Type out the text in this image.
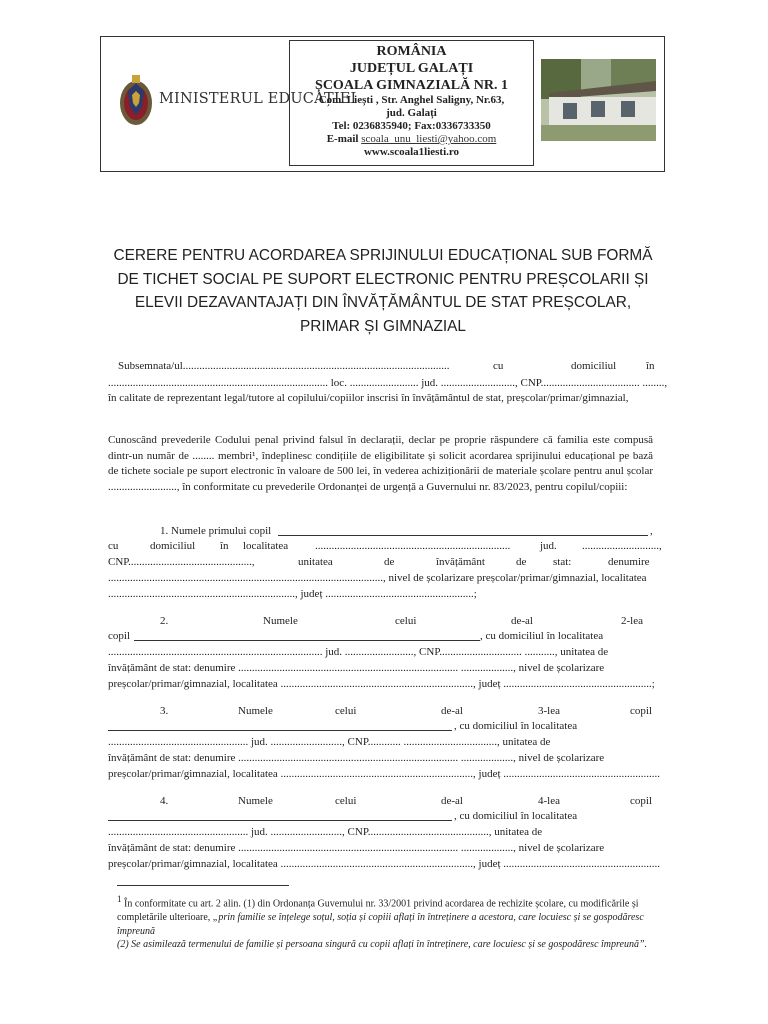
MINISTERUL EDUCAȚIEI
ROMÂNIA
JUDEȚUL GALAȚI
ȘCOALA GIMNAZIALĂ NR. 1
Com. Liești , Str. Anghel Saligny, Nr.63,
jud. Galați
Tel: 0236835940; Fax:0336733350
E-mail scoala_unu_liesti@yahoo.com
www.scoala1liesti.ro
CERERE PENTRU ACORDAREA SPRIJINULUI EDUCAȚIONAL SUB FORMĂ DE TICHET SOCIAL PE SUPORT ELECTRONIC PENTRU PREȘCOLARII ȘI ELEVII DEZAVANTAJAȚI DIN ÎNVĂȚĂMÂNTUL DE STAT PREȘCOLAR, PRIMAR ȘI GIMNAZIAL
Subsemnata/ul.................................................................................................	cu	domiciliul	în
................................................................................ loc. ......................... jud. ..........................., CNP.................................... ........,
în calitate de reprezentant legal/tutore al copilului/copiilor inscrisi în învățământul de stat, preșcolar/primar/gimnazial,
Cunoscând prevederile Codului penal privind falsul în declarații, declar pe proprie răspundere că familia este compusă dintr-un număr de ........ membri¹, îndeplinesc condițiile de eligibilitate și solicit acordarea sprijinului educațional pe bază de tichete sociale pe suport electronic în valoare de 500 lei, în vederea achiziționării de materiale școlare pentru anul școlar ........................., în conformitate cu prevederile Ordonanței de urgență a Guvernului nr. 83/2023, pentru copilul/copiii:
1. Numele primului copil	,
cu	domiciliul în localitatea .......................................................................	jud. ............................,
CNP.............................................,	unitatea	de	învățământ	de stat:	denumire
...................................................................................................., nivel de școlarizare preșcolar/primar/gimnazial, localitatea
...................................................................., județ ......................................................;
2.	Numele	celui	de-al	2-lea
copil	, cu domiciliul în localitatea
.............................................................................. jud. ........................., CNP.............................. ..........., unitatea de
învățământ de stat: denumire ................................................................................ ..................., nivel de școlarizare
preșcolar/primar/gimnazial, localitatea ......................................................................, județ ......................................................;
3.	Numele	celui	de-al	3-lea	copil
, cu domiciliul în localitatea
................................................... jud. .........................., CNP............ .................................., unitatea de
învățământ de stat: denumire ................................................................................ ..................., nivel de școlarizare
preșcolar/primar/gimnazial, localitatea ......................................................................, județ .........................................................
4.	Numele	celui	de-al	4-lea	copil
, cu domiciliul în localitatea
................................................... jud. .........................., CNP............................................, unitatea de
învățământ de stat: denumire ................................................................................ ..................., nivel de școlarizare
preșcolar/primar/gimnazial, localitatea ......................................................................, județ .........................................................
1 În conformitate cu art. 2 alin. (1) din Ordonanța Guvernului nr. 33/2001 privind acordarea de rechizite școlare, cu modificările și completările ulterioare, „prin familie se înțelege soțul, soția și copiii aflați în întreținere a acestora, care locuiesc și se gospodăresc împreună
(2) Se asimilează termenului de familie și persoana singură cu copii aflați în întreținere, care locuiesc și se gospodăresc împreună”.
